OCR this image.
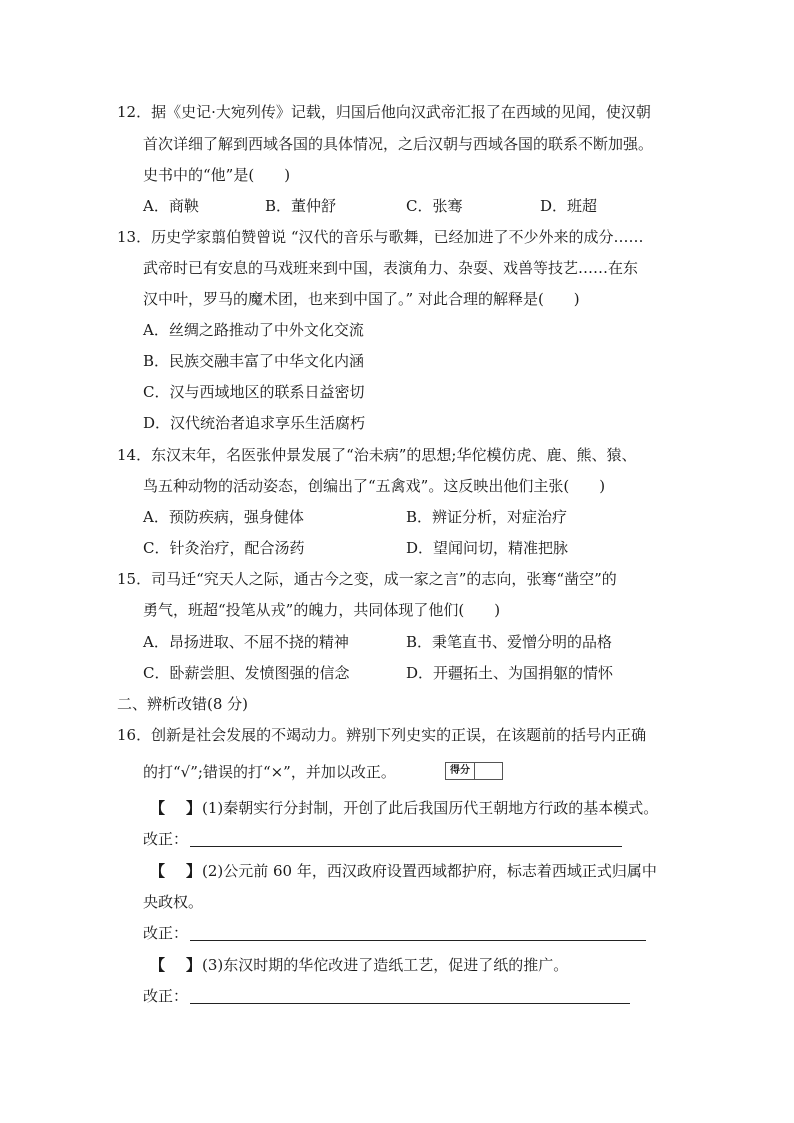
12．据《史记·大宛列传》记载，归国后他向汉武帝汇报了在西域的见闻，使汉朝
首次详细了解到西域各国的具体情况，之后汉朝与西域各国的联系不断加强。
史书中的“他”是(　　)
A．商鞅	B．董仲舒	C．张骞	D．班超
13．历史学家翦伯赞曾说 “汉代的音乐与歌舞，已经加进了不少外来的成分……
武帝时已有安息的马戏班来到中国，表演角力、杂耍、戏兽等技艺……在东
汉中叶，罗马的魔术团，也来到中国了。” 对此合理的解释是(　　)
A．丝绸之路推动了中外文化交流
B．民族交融丰富了中华文化内涵
C．汉与西域地区的联系日益密切
D．汉代统治者追求享乐生活腐朽
14．东汉末年，名医张仲景发展了“治未病”的思想;华佗模仿虎、鹿、熊、猿、
鸟五种动物的活动姿态，创编出了“五禽戏”。这反映出他们主张(　　)
A．预防疾病，强身健体	B．辨证分析，对症治疗
C．针灸治疗，配合汤药	D．望闻问切，精准把脉
15．司马迁“究天人之际，通古今之变，成一家之言”的志向，张骞“凿空”的
勇气，班超“投笔从戎”的魄力，共同体现了他们(　　)
A．昂扬进取、不屈不挠的精神	B．秉笔直书、爱憎分明的品格
C．卧薪尝胆、发愤图强的信念	D．开疆拓土、为国捐躯的情怀
二、辨析改错(8 分)
16．创新是社会发展的不竭动力。辨别下列史实的正误，在该题前的括号内正确
的打“√”;错误的打“×”，并加以改正。	得分
【 】 (1)秦朝实行分封制，开创了此后我国历代王朝地方行政的基本模式。
改正：
【 】 (2)公元前 60 年，西汉政府设置西域都护府，标志着西域正式归属中
央政权。
改正：
【 】 (3)东汉时期的华佗改进了造纸工艺，促进了纸的推广。
改正：
